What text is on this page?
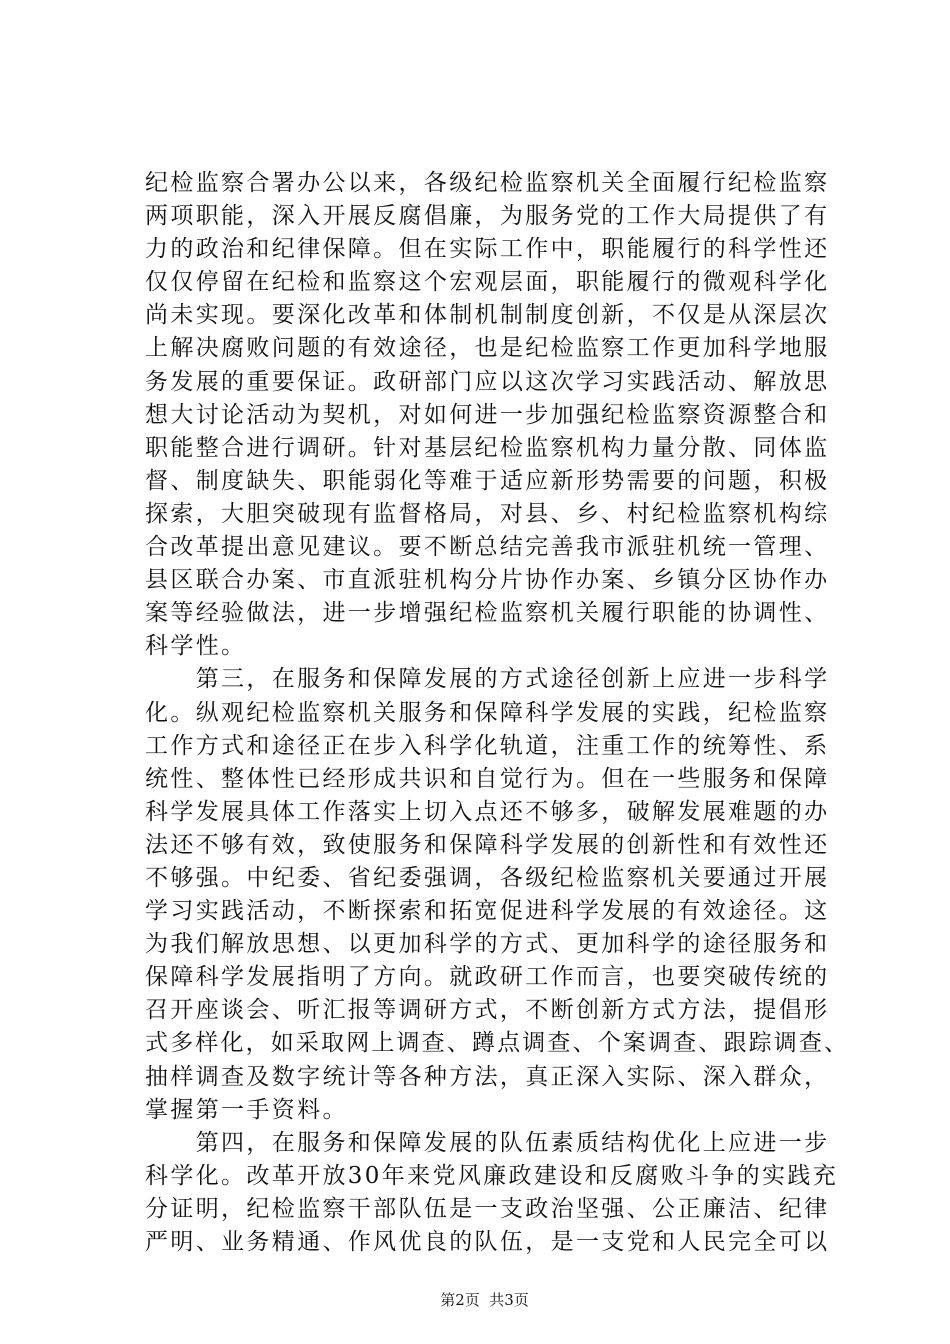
纪检监察合署办公以来，各级纪检监察机关全面履行纪检监察
两项职能，深入开展反腐倡廉，为服务党的工作大局提供了有
力的政治和纪律保障。但在实际工作中，职能履行的科学性还
仅仅停留在纪检和监察这个宏观层面，职能履行的微观科学化
尚未实现。要深化改革和体制机制制度创新，不仅是从深层次
上解决腐败问题的有效途径，也是纪检监察工作更加科学地服
务发展的重要保证。政研部门应以这次学习实践活动、解放思
想大讨论活动为契机，对如何进一步加强纪检监察资源整合和
职能整合进行调研。针对基层纪检监察机构力量分散、同体监
督、制度缺失、职能弱化等难于适应新形势需要的问题，积极
探索，大胆突破现有监督格局，对县、乡、村纪检监察机构综
合改革提出意见建议。要不断总结完善我市派驻机统一管理、
县区联合办案、市直派驻机构分片协作办案、乡镇分区协作办
案等经验做法，进一步增强纪检监察机关履行职能的协调性、
科学性。
　　第三，在服务和保障发展的方式途径创新上应进一步科学
化。纵观纪检监察机关服务和保障科学发展的实践，纪检监察
工作方式和途径正在步入科学化轨道，注重工作的统筹性、系
统性、整体性已经形成共识和自觉行为。但在一些服务和保障
科学发展具体工作落实上切入点还不够多，破解发展难题的办
法还不够有效，致使服务和保障科学发展的创新性和有效性还
不够强。中纪委、省纪委强调，各级纪检监察机关要通过开展
学习实践活动，不断探索和拓宽促进科学发展的有效途径。这
为我们解放思想、以更加科学的方式、更加科学的途径服务和
保障科学发展指明了方向。就政研工作而言，也要突破传统的
召开座谈会、听汇报等调研方式，不断创新方式方法，提倡形
式多样化，如采取网上调查、蹲点调查、个案调查、跟踪调查、
抽样调查及数字统计等各种方法，真正深入实际、深入群众，
掌握第一手资料。
　　第四，在服务和保障发展的队伍素质结构优化上应进一步
科学化。改革开放30年来党风廉政建设和反腐败斗争的实践充
分证明，纪检监察干部队伍是一支政治坚强、公正廉洁、纪律
严明、业务精通、作风优良的队伍，是一支党和人民完全可以

第2页  共3页
